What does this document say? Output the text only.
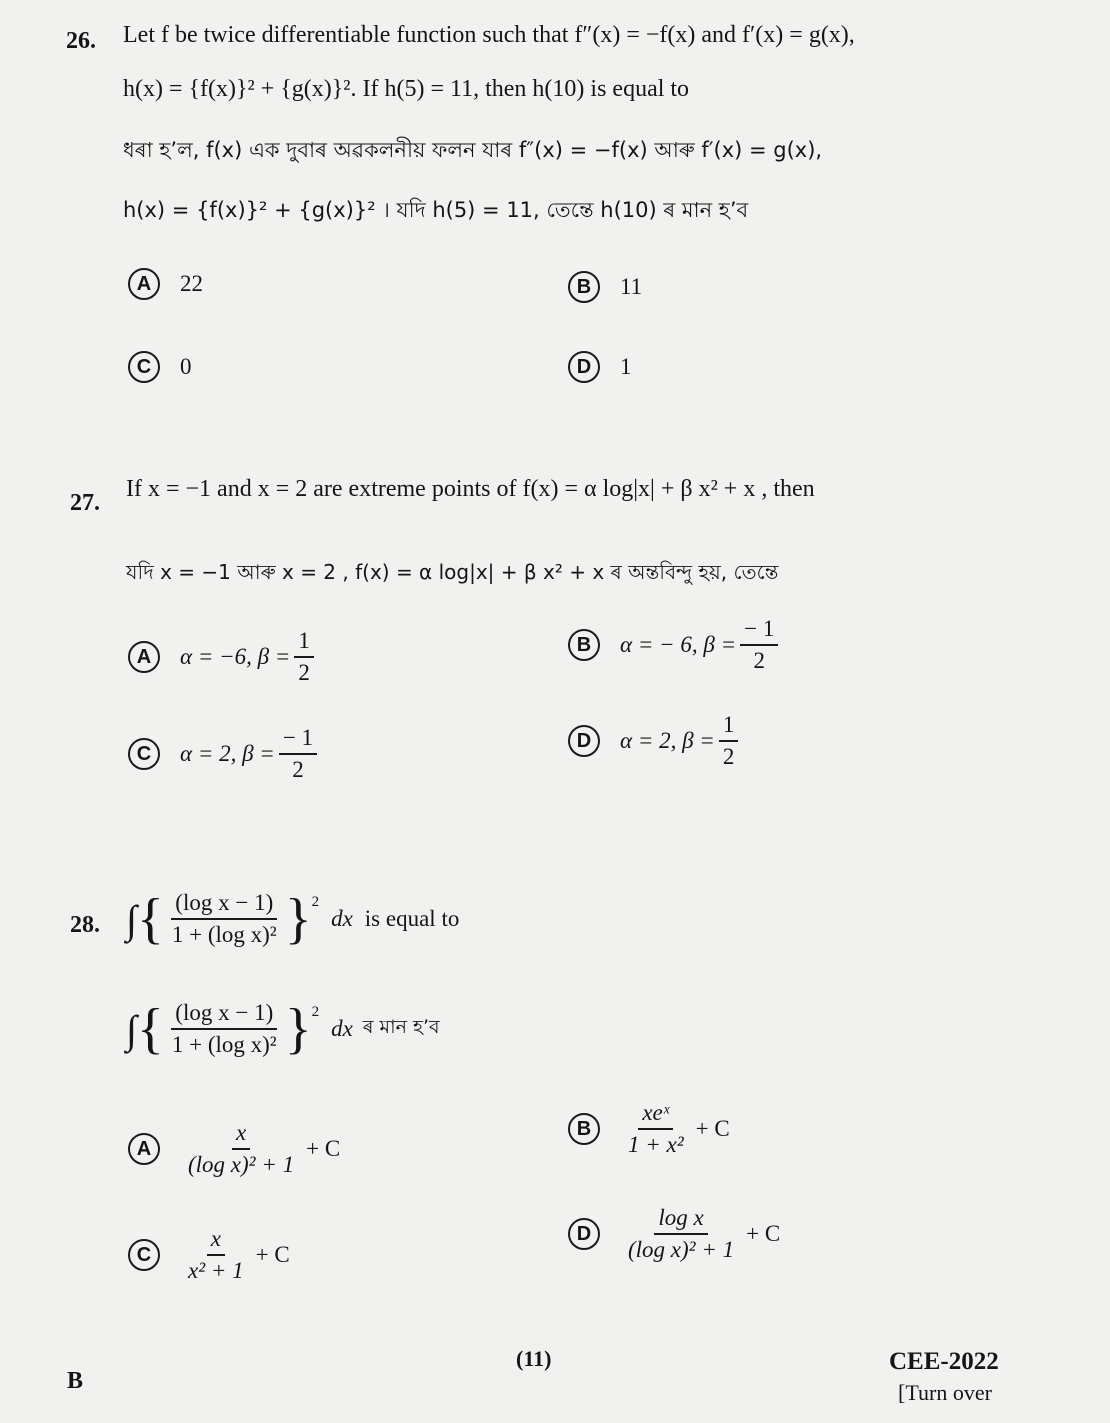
26. Let f be twice differentiable function such that f″(x) = −f(x) and f′(x) = g(x),
h(x) = {f(x)}² + {g(x)}². If h(5) = 11, then h(10) is equal to
ধৰা হ’ল, f(x) এক দুবাৰ অৱকলনীয় ফলন যাৰ f″(x) = −f(x) আৰু f′(x) = g(x),
h(x) = {f(x)}² + {g(x)}² । যদি h(5) = 11, তেন্তে h(10) ৰ মান হ’ব
A	22	B	11
C	0	D	1
27.
If x = −1 and x = 2 are extreme points of f(x) = α log|x| + β x² + x , then
যদি x = −1 আৰু x = 2 , f(x) = α log|x| + β x² + x ৰ অন্তবিন্দু হয়, তেন্তে
A	α = −6, $\beta = \frac{1}{2}$	B	α = − 6, $\beta = \frac{- 1}{2}$
C	α = 2, $\beta = \frac{- 1}{2}$	D	α = 2, $\beta = \frac{1}{2}$
28. ∫ { $\frac{\text{(log x − 1)}}{\text{1 + (log x)²}} \}^2$
dx is equal to
∫ { $\frac{\text{(log x − 1)}}{\text{1 + (log x)²}} \}^2$
dx ৰ মান হ’ব
A	$\frac{x}{\text{(log x)² + 1}} + C$
B	$\frac{\text{xeˣ}}{\text{1 + x²}} + C$
C	$\frac{x}{\text{x² + 1}} + C$
D	$\frac{\text{log x}}{\text{(log x)² + 1}} + C$
(11)
B
CEE-2022
[Turn over
